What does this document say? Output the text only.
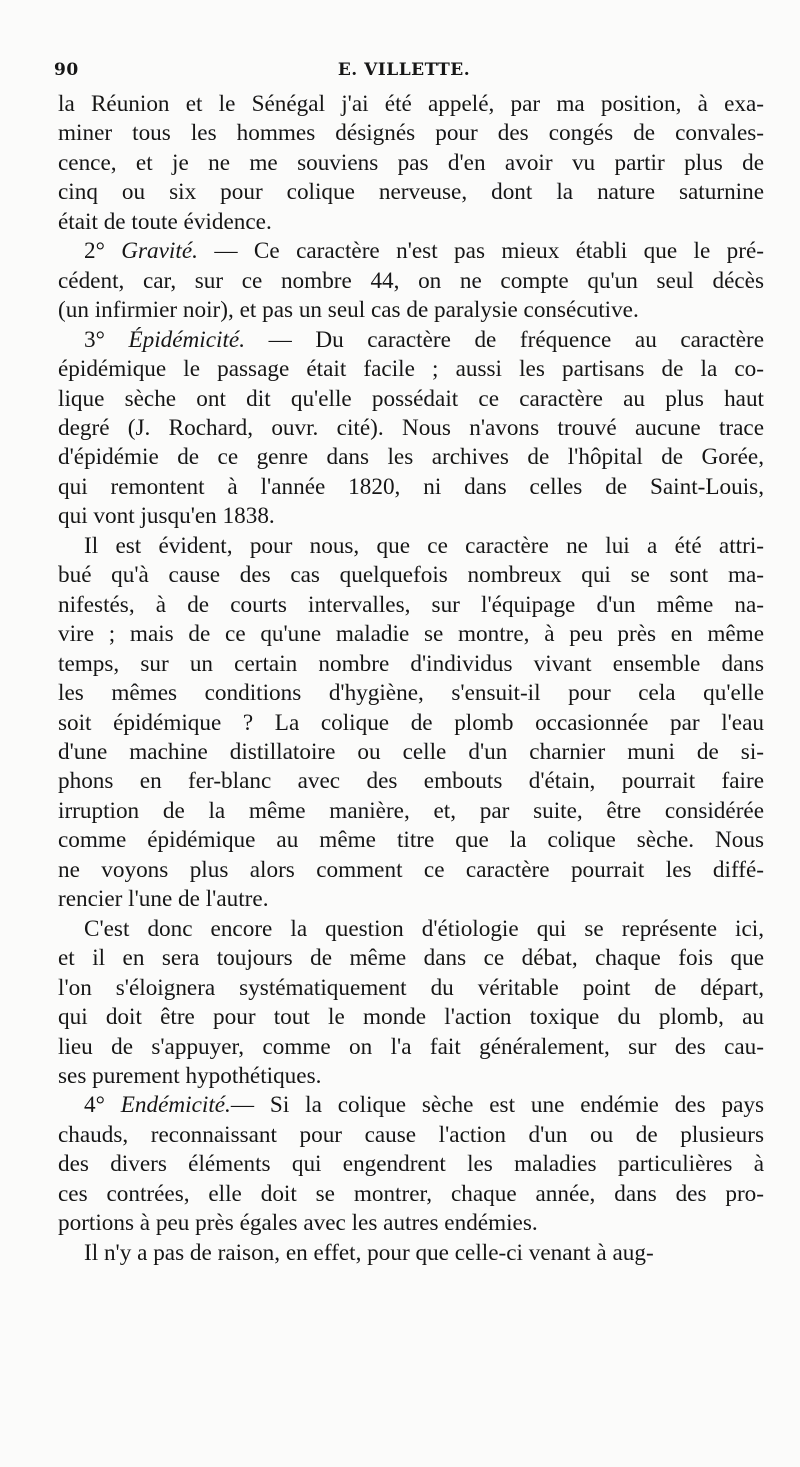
90	E. VILLETTE.
la Réunion et le Sénégal j'ai été appelé, par ma position, à exa-
miner tous les hommes désignés pour des congés de convales-
cence, et je ne me souviens pas d'en avoir vu partir plus de
cinq ou six pour colique nerveuse, dont la nature saturnine
était de toute évidence.
2° Gravité. — Ce caractère n'est pas mieux établi que le pré-
cédent, car, sur ce nombre 44, on ne compte qu'un seul décès
(un infirmier noir), et pas un seul cas de paralysie consécutive.
3° Épidémicité. — Du caractère de fréquence au caractère
épidémique le passage était facile ; aussi les partisans de la co-
lique sèche ont dit qu'elle possédait ce caractère au plus haut
degré (J. Rochard, ouvr. cité). Nous n'avons trouvé aucune trace
d'épidémie de ce genre dans les archives de l'hôpital de Gorée,
qui remontent à l'année 1820, ni dans celles de Saint-Louis,
qui vont jusqu'en 1838.
Il est évident, pour nous, que ce caractère ne lui a été attri-
bué qu'à cause des cas quelquefois nombreux qui se sont ma-
nifestés, à de courts intervalles, sur l'équipage d'un même na-
vire ; mais de ce qu'une maladie se montre, à peu près en même
temps, sur un certain nombre d'individus vivant ensemble dans
les mêmes conditions d'hygiène, s'ensuit-il pour cela qu'elle
soit épidémique ? La colique de plomb occasionnée par l'eau
d'une machine distillatoire ou celle d'un charnier muni de si-
phons en fer-blanc avec des embouts d'étain, pourrait faire
irruption de la même manière, et, par suite, être considérée
comme épidémique au même titre que la colique sèche. Nous
ne voyons plus alors comment ce caractère pourrait les diffé-
rencier l'une de l'autre.
C'est donc encore la question d'étiologie qui se représente ici,
et il en sera toujours de même dans ce débat, chaque fois que
l'on s'éloignera systématiquement du véritable point de départ,
qui doit être pour tout le monde l'action toxique du plomb, au
lieu de s'appuyer, comme on l'a fait généralement, sur des cau-
ses purement hypothétiques.
4° Endémicité.— Si la colique sèche est une endémie des pays
chauds, reconnaissant pour cause l'action d'un ou de plusieurs
des divers éléments qui engendrent les maladies particulières à
ces contrées, elle doit se montrer, chaque année, dans des pro-
portions à peu près égales avec les autres endémies.
Il n'y a pas de raison, en effet, pour que celle-ci venant à aug-
